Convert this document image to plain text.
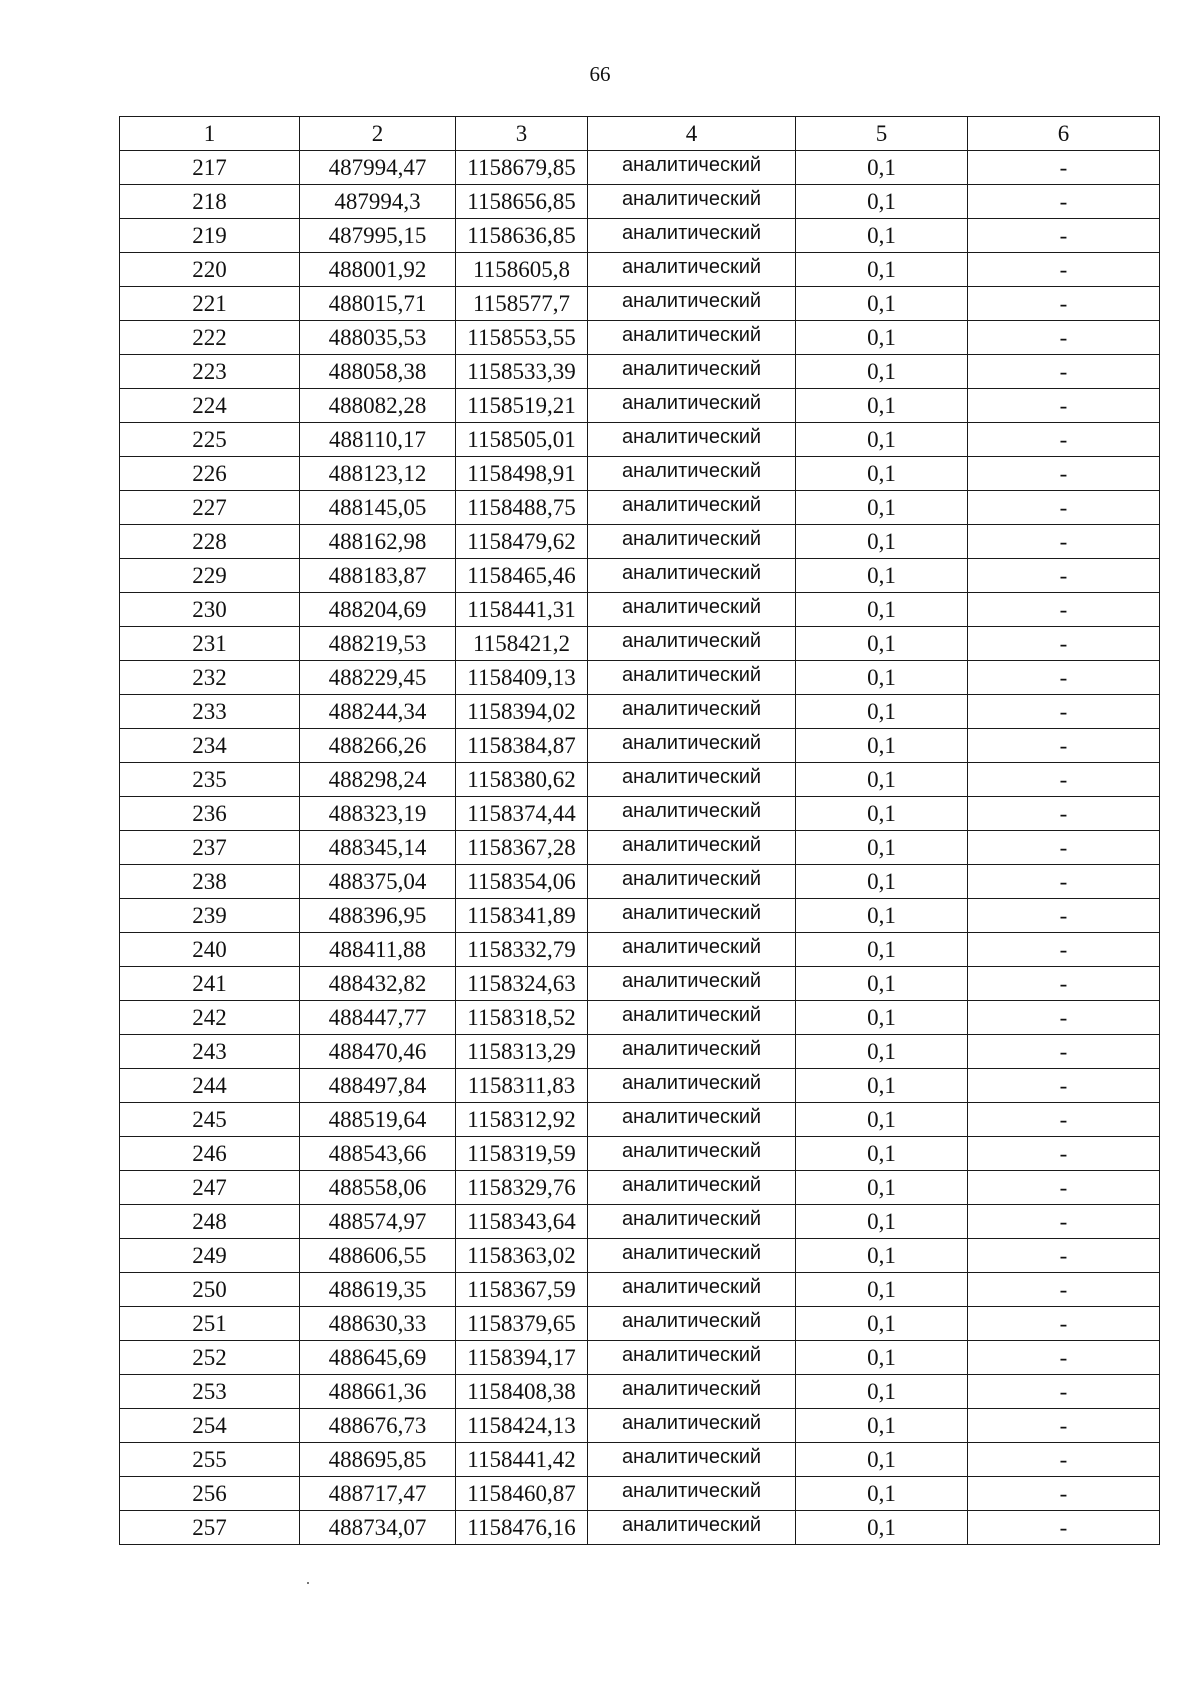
66
1	2	3	4	5	6
217	487994,47	1158679,85	аналитический	0,1	-
218	487994,3	1158656,85	аналитический	0,1	-
219	487995,15	1158636,85	аналитический	0,1	-
220	488001,92	1158605,8	аналитический	0,1	-
221	488015,71	1158577,7	аналитический	0,1	-
222	488035,53	1158553,55	аналитический	0,1	-
223	488058,38	1158533,39	аналитический	0,1	-
224	488082,28	1158519,21	аналитический	0,1	-
225	488110,17	1158505,01	аналитический	0,1	-
226	488123,12	1158498,91	аналитический	0,1	-
227	488145,05	1158488,75	аналитический	0,1	-
228	488162,98	1158479,62	аналитический	0,1	-
229	488183,87	1158465,46	аналитический	0,1	-
230	488204,69	1158441,31	аналитический	0,1	-
231	488219,53	1158421,2	аналитический	0,1	-
232	488229,45	1158409,13	аналитический	0,1	-
233	488244,34	1158394,02	аналитический	0,1	-
234	488266,26	1158384,87	аналитический	0,1	-
235	488298,24	1158380,62	аналитический	0,1	-
236	488323,19	1158374,44	аналитический	0,1	-
237	488345,14	1158367,28	аналитический	0,1	-
238	488375,04	1158354,06	аналитический	0,1	-
239	488396,95	1158341,89	аналитический	0,1	-
240	488411,88	1158332,79	аналитический	0,1	-
241	488432,82	1158324,63	аналитический	0,1	-
242	488447,77	1158318,52	аналитический	0,1	-
243	488470,46	1158313,29	аналитический	0,1	-
244	488497,84	1158311,83	аналитический	0,1	-
245	488519,64	1158312,92	аналитический	0,1	-
246	488543,66	1158319,59	аналитический	0,1	-
247	488558,06	1158329,76	аналитический	0,1	-
248	488574,97	1158343,64	аналитический	0,1	-
249	488606,55	1158363,02	аналитический	0,1	-
250	488619,35	1158367,59	аналитический	0,1	-
251	488630,33	1158379,65	аналитический	0,1	-
252	488645,69	1158394,17	аналитический	0,1	-
253	488661,36	1158408,38	аналитический	0,1	-
254	488676,73	1158424,13	аналитический	0,1	-
255	488695,85	1158441,42	аналитический	0,1	-
256	488717,47	1158460,87	аналитический	0,1	-
257	488734,07	1158476,16	аналитический	0,1	-
